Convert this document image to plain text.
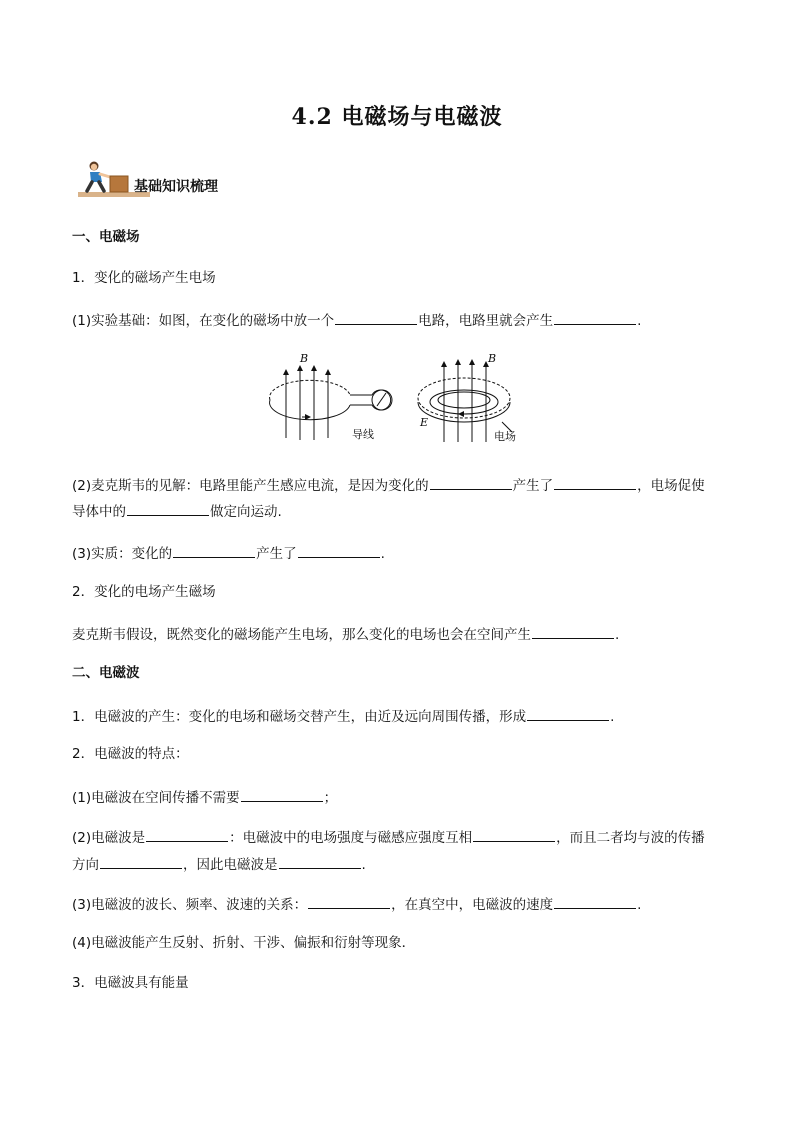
4.2 电磁场与电磁波
基础知识梳理
一、电磁场
1．变化的磁场产生电场
(1)实验基础：如图，在变化的磁场中放一个	电路，电路里就会产生	.
B	B
导线
E
电场
(2)麦克斯韦的见解：电路里能产生感应电流，是因为变化的	产生了	，电场促使
导体中的	做定向运动.
(3)实质：变化的	产生了	.
2．变化的电场产生磁场
麦克斯韦假设，既然变化的磁场能产生电场，那么变化的电场也会在空间产生	.
二、电磁波
1．电磁波的产生：变化的电场和磁场交替产生，由近及远向周围传播，形成	.
2．电磁波的特点：
(1)电磁波在空间传播不需要	；
(2)电磁波是	：电磁波中的电场强度与磁感应强度互相	，而且二者均与波的传播
方向	，因此电磁波是	.
(3)电磁波的波长、频率、波速的关系：	，在真空中，电磁波的速度	.
(4)电磁波能产生反射、折射、干涉、偏振和衍射等现象．
3．电磁波具有能量
